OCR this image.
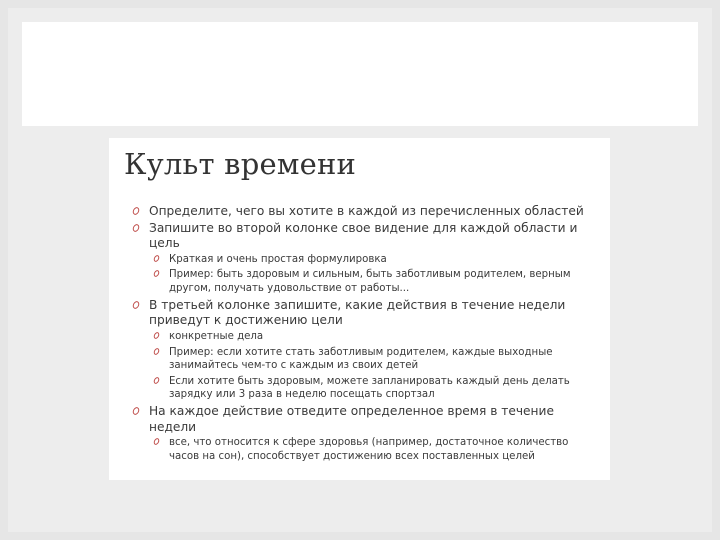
Культ времени
Определите, чего вы хотите в каждой из перечисленных областей
Запишите во второй колонке свое видение для каждой области и цель
Краткая и очень простая формулировка
Пример: быть здоровым и сильным, быть заботливым родителем, верным другом, получать удовольствие от работы...
В третьей колонке запишите, какие действия в течение недели приведут к достижению цели
конкретные дела
Пример: если хотите стать заботливым родителем, каждые выходные занимайтесь чем-то с каждым из своих детей
Если хотите быть здоровым, можете запланировать каждый день делать зарядку или 3 раза в неделю посещать спортзал
На каждое действие отведите определенное время в течение недели
все, что относится к сфере здоровья (например, достаточное количество часов на сон), способствует достижению всех поставленных целей
